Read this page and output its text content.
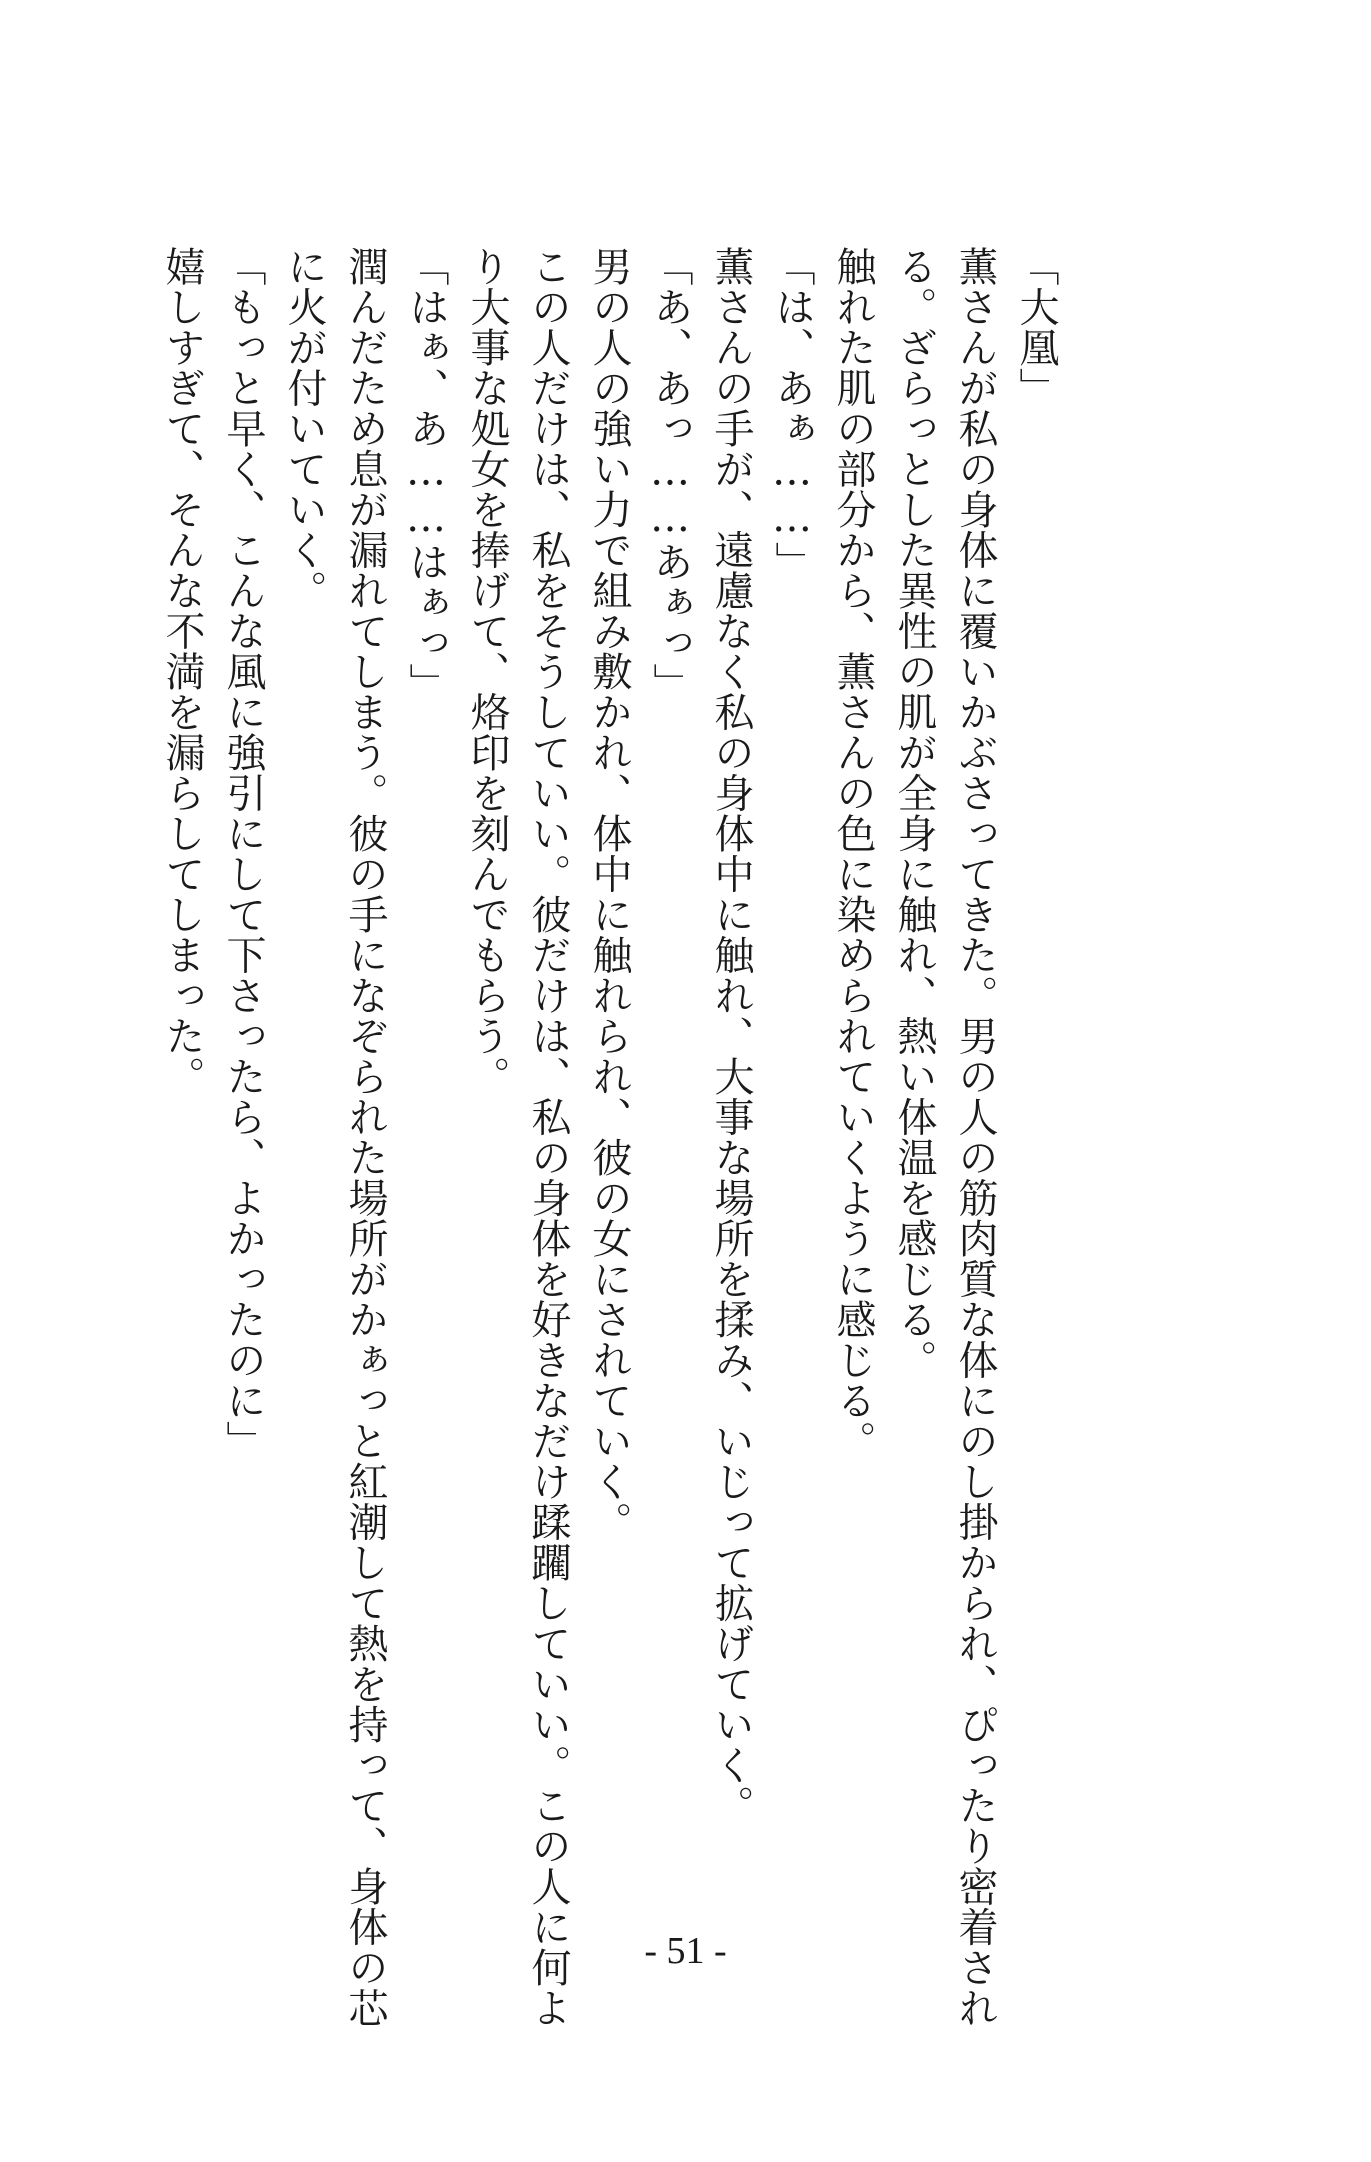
「大凰」
薫さんが私の身体に覆いかぶさってきた。男の人の筋肉質な体にのし掛かられ、ぴったり密着され
る。ざらっとした異性の肌が全身に触れ、熱い体温を感じる。
触れた肌の部分から、薫さんの色に染められていくように感じる。
「は、あぁ……」
薫さんの手が、遠慮なく私の身体中に触れ、大事な場所を揉み、いじって拡げていく。
「あ、あっ……あぁっ」
男の人の強い力で組み敷かれ、体中に触れられ、彼の女にされていく。
この人だけは、私をそうしていい。彼だけは、私の身体を好きなだけ蹂躙していい。この人に何よ
り大事な処女を捧げて、烙印を刻んでもらう。
「はぁ、あ……はぁっ」
潤んだため息が漏れてしまう。彼の手になぞられた場所がかぁっと紅潮して熱を持って、身体の芯
に火が付いていく。
「もっと早く、こんな風に強引にして下さったら、よかったのに」
嬉しすぎて、そんな不満を漏らしてしまった。
- 51 -
